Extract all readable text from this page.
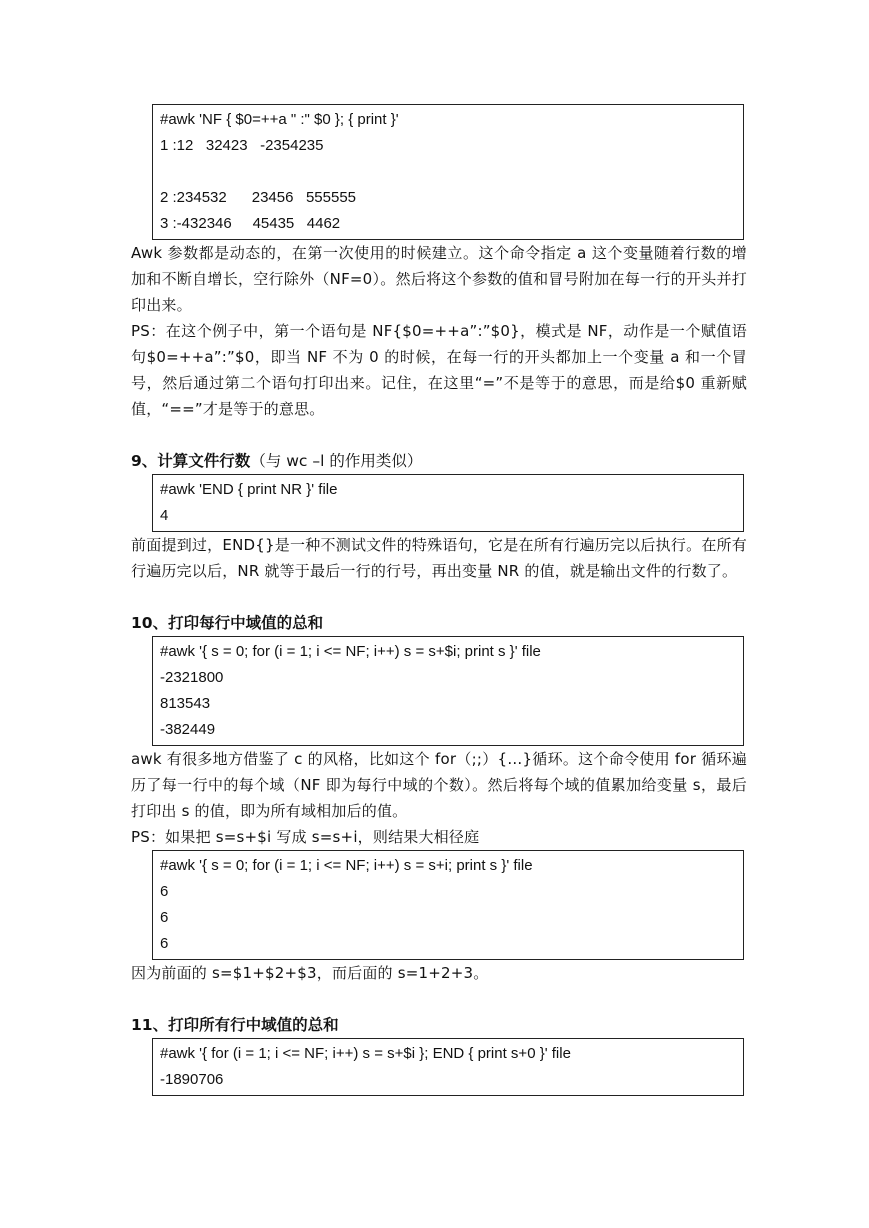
#awk 'NF { $0=++a " :" $0 }; { print }'
1 :12   32423   -2354235
2 :234532      23456   555555
3 :-432346     45435   4462

Awk 参数都是动态的，在第一次使用的时候建立。这个命令指定 a 这个变量随着行数的增加和不断自增长，空行除外（NF=0）。然后将这个参数的值和冒号附加在每一行的开头并打印出来。

PS：在这个例子中，第一个语句是 NF{$0=++a”:”$0}，模式是 NF，动作是一个赋值语句$0=++a”:”$0，即当 NF 不为 0 的时候，在每一行的开头都加上一个变量 a 和一个冒号，然后通过第二个语句打印出来。记住，在这里“=”不是等于的意思，而是给$0 重新赋值，“==”才是等于的意思。

9、计算文件行数（与 wc –l 的作用类似）

#awk 'END { print NR }' file
4

前面提到过，END{}是一种不测试文件的特殊语句，它是在所有行遍历完以后执行。在所有行遍历完以后，NR 就等于最后一行的行号，再出变量 NR 的值，就是输出文件的行数了。

10、打印每行中域值的总和

#awk '{ s = 0; for (i = 1; i <= NF; i++) s = s+$i; print s }' file
-2321800
813543
-382449

awk 有很多地方借鉴了 c 的风格，比如这个 for（;;）{…}循环。这个命令使用 for 循环遍历了每一行中的每个域（NF 即为每行中域的个数）。然后将每个域的值累加给变量 s，最后打印出 s 的值，即为所有域相加后的值。

PS：如果把 s=s+$i 写成 s=s+i，则结果大相径庭

#awk '{ s = 0; for (i = 1; i <= NF; i++) s = s+i; print s }' file
6
6
6

因为前面的 s=$1+$2+$3，而后面的 s=1+2+3。

11、打印所有行中域值的总和

#awk '{ for (i = 1; i <= NF; i++) s = s+$i }; END { print s+0 }' file
-1890706
